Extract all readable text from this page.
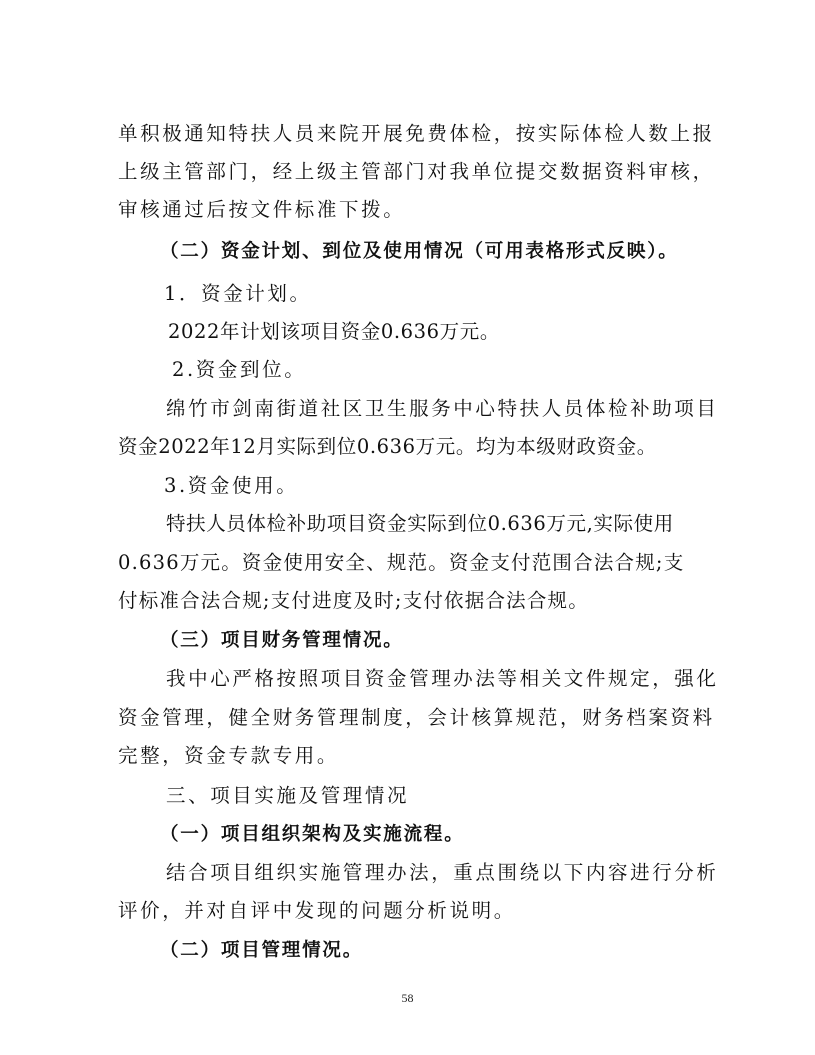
单积极通知特扶人员来院开展免费体检，按实际体检人数上报
上级主管部门，经上级主管部门对我单位提交数据资料审核，
审核通过后按文件标准下拨。
（二）资金计划、到位及使用情况（可用表格形式反映）。
1．资金计划。
2022年计划该项目资金0.636万元。
2.资金到位。
绵竹市剑南街道社区卫生服务中心特扶人员体检补助项目
资金2022年12月实际到位0.636万元。均为本级财政资金。
3.资金使用。
特扶人员体检补助项目资金实际到位0.636万元,实际使用
0.636万元。资金使用安全、规范。资金支付范围合法合规;支
付标准合法合规;支付进度及时;支付依据合法合规。
（三）项目财务管理情况。
我中心严格按照项目资金管理办法等相关文件规定，强化
资金管理，健全财务管理制度，会计核算规范，财务档案资料
完整，资金专款专用。
三、项目实施及管理情况
（一）项目组织架构及实施流程。
结合项目组织实施管理办法，重点围绕以下内容进行分析
评价，并对自评中发现的问题分析说明。
（二）项目管理情况。
58
